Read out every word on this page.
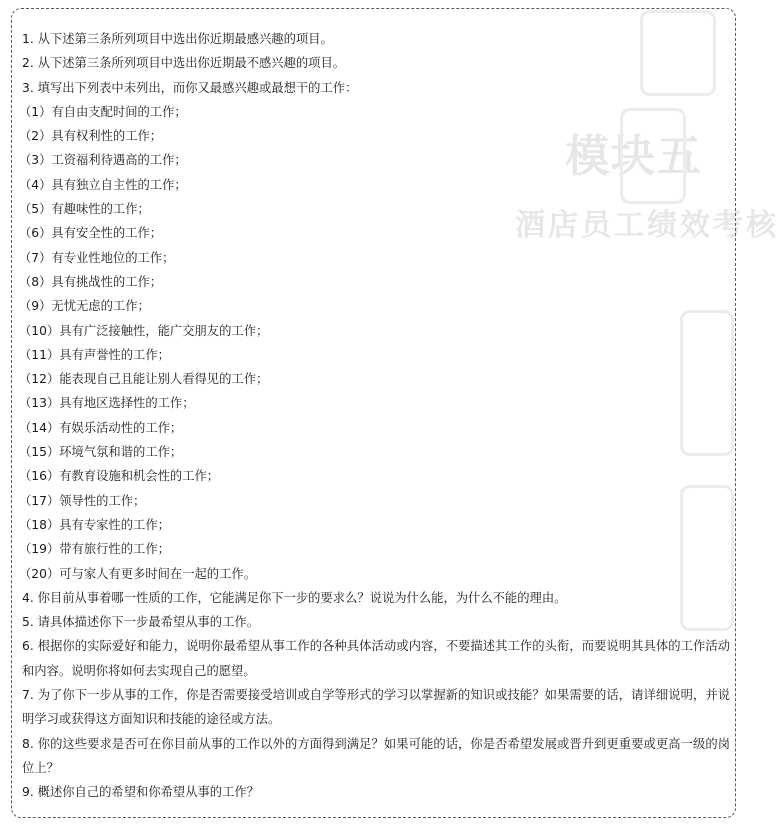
模块五
酒店员工绩效考核
1. 从下述第三条所列项目中选出你近期最感兴趣的项目。
2. 从下述第三条所列项目中选出你近期最不感兴趣的项目。
3. 填写出下列表中未列出，而你又最感兴趣或最想干的工作：
（1）有自由支配时间的工作；
（2）具有权利性的工作；
（3）工资福利待遇高的工作；
（4）具有独立自主性的工作；
（5）有趣味性的工作；
（6）具有安全性的工作；
（7）有专业性地位的工作；
（8）具有挑战性的工作；
（9）无忧无虑的工作；
（10）具有广泛接触性，能广交朋友的工作；
（11）具有声誉性的工作；
（12）能表现自己且能让别人看得见的工作；
（13）具有地区选择性的工作；
（14）有娱乐活动性的工作；
（15）环境气氛和谐的工作；
（16）有教育设施和机会性的工作；
（17）领导性的工作；
（18）具有专家性的工作；
（19）带有旅行性的工作；
（20）可与家人有更多时间在一起的工作。
4. 你目前从事着哪一性质的工作，它能满足你下一步的要求么？说说为什么能，为什么不能的理由。
5. 请具体描述你下一步最希望从事的工作。
6. 根据你的实际爱好和能力，说明你最希望从事工作的各种具体活动或内容，不要描述其工作的头衔，而要说明其具体的工作活动和内容。说明你将如何去实现自己的愿望。
7. 为了你下一步从事的工作，你是否需要接受培训或自学等形式的学习以掌握新的知识或技能？如果需要的话，请详细说明，并说明学习或获得这方面知识和技能的途径或方法。
8. 你的这些要求是否可在你目前从事的工作以外的方面得到满足？如果可能的话，你是否希望发展或晋升到更重要或更高一级的岗位上？
9. 概述你自己的希望和你希望从事的工作？
